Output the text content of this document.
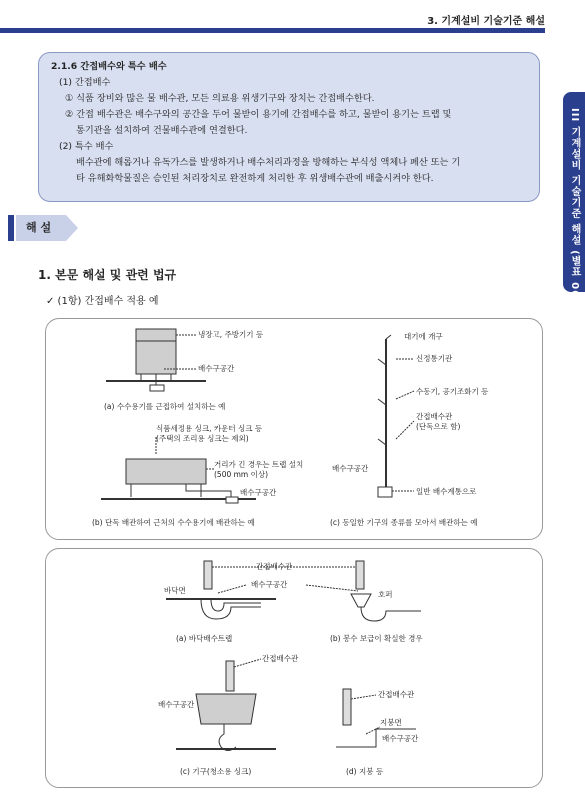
3. 기계설비 기술기준 해설
III 기계설비 기술기준 해설 (별표 06)
2.1.6 간접배수와 특수 배수
(1) 간접배수
① 식품 장비와 많은 물 배수관, 모든 의료용 위생기구와 장치는 간접배수한다.
② 간접 배수관은 배수구와의 공간을 두어 물받이 용기에 간접배수를 하고, 물받이 용기는 트랩 및
통기관을 설치하여 건물배수관에 연결한다.
(2) 특수 배수
배수관에 해롭거나 유독가스를 발생하거나 배수처리과정을 방해하는 부식성 액체나 폐산 또는 기
타 유해화학물질은 승인된 처리장치로 완전하게 처리한 후 위생배수관에 배출시켜야 한다.
해 설
1. 본문 해설 및 관련 법규
✓ (1항) 간접배수 적용 예
냉장고, 주방기기 등
배수구공간
(a) 수수용기를 근접하여 설치하는 예
식품세정용 싱크, 카운터 싱크 등
(주택의 조리용 싱크는 제외)
거리가 긴 경우는 트랩 설치
(500 mm 이상)
배수구공간
(b) 단독 배관하여 근처의 수수용기에 배관하는 예
대기에 개구
신정통기관
수동기, 공기조화기 등
간접배수관
(단독으로 함)
배수구공간
일반 배수계통으로
(c) 동일한 기구의 종류를 모아서 배관하는 예
간접배수관
배수구공간
바닥면	호퍼
(a) 바닥배수트랩	(b) 봉수 보급이 확실한 경우
간접배수관
배수구공간
(c) 기구(청소용 싱크)
간접배수관
지붕면
배수구공간
(d) 지붕 등
